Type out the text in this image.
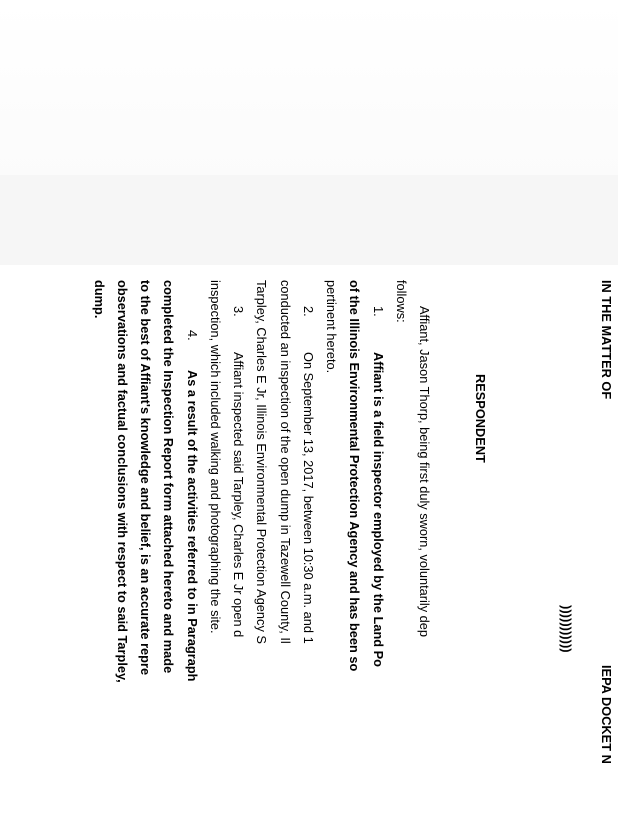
IN THE MATTER OF
IEPA DOCKET N
)))))))))))
RESPONDENT
Affiant, Jason Thorp, being first duly sworn, voluntarily dep
follows:
1.
Affiant is a field inspector employed by the Land Po
of the Illinois Environmental Protection Agency and has been so
pertinent hereto.
2.
On September 13, 2017, between 10:30 a.m. and 1
conducted an inspection of the open dump in Tazewell County, Il
Tarpley, Charles E Jr, Illinois Environmental Protection Agency S
3.
Affiant inspected said Tarpley, Charles E Jr open d
inspection, which included walking and photographing the site.
4.
As a result of the activities referred to in Paragraph
completed the Inspection Report form attached hereto and made
to the best of Affiant's knowledge and belief, is an accurate repre
observations and factual conclusions with respect to said Tarpley,
dump.
